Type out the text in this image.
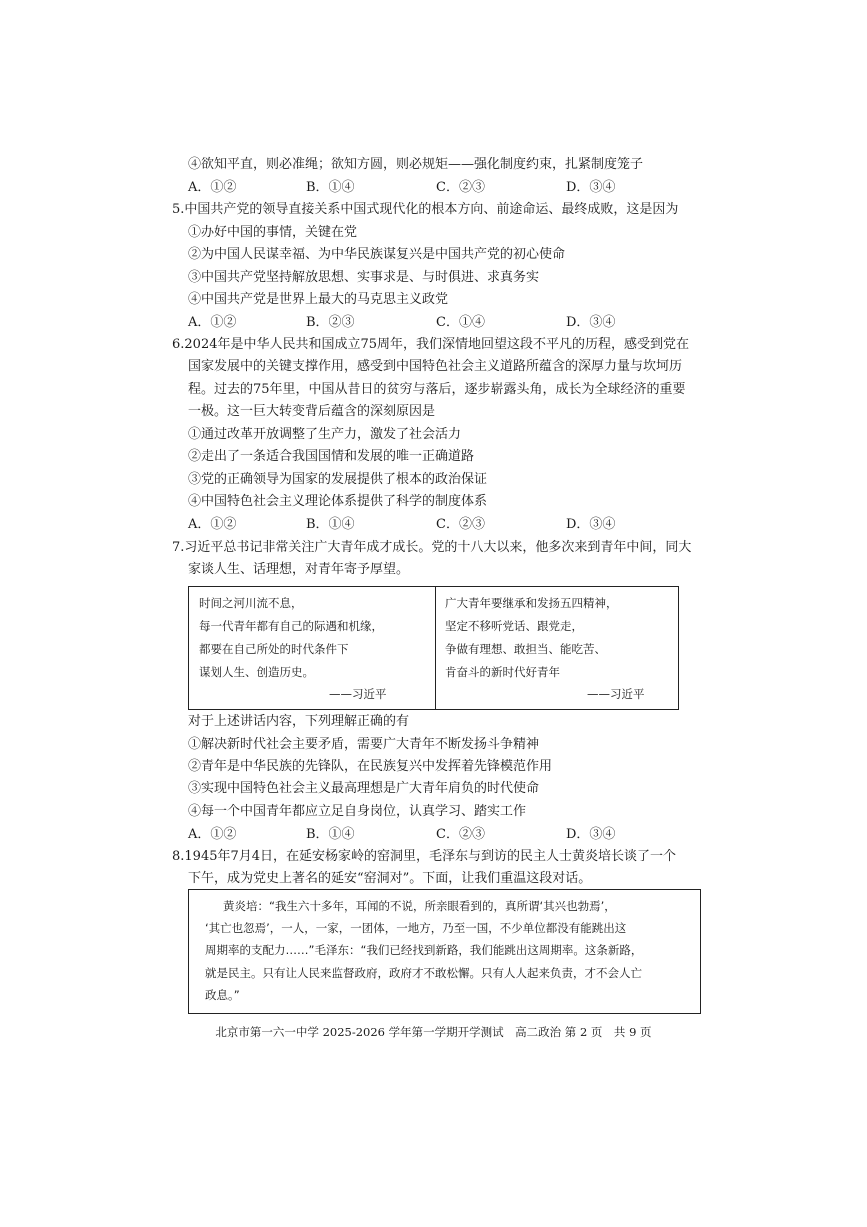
④欲知平直，则必准绳；欲知方圆，则必规矩——强化制度约束，扎紧制度笼子
A．①②	B．①④	C．②③	D．③④
5.中国共产党的领导直接关系中国式现代化的根本方向、前途命运、最终成败，这是因为
①办好中国的事情，关键在党
②为中国人民谋幸福、为中华民族谋复兴是中国共产党的初心使命
③中国共产党坚持解放思想、实事求是、与时俱进、求真务实
④中国共产党是世界上最大的马克思主义政党
A．①②	B．②③	C．①④	D．③④
6.2024年是中华人民共和国成立75周年，我们深情地回望这段不平凡的历程，感受到党在
国家发展中的关键支撑作用，感受到中国特色社会主义道路所蕴含的深厚力量与坎坷历
程。过去的75年里，中国从昔日的贫穷与落后，逐步崭露头角，成长为全球经济的重要
一极。这一巨大转变背后蕴含的深刻原因是
①通过改革开放调整了生产力，激发了社会活力
②走出了一条适合我国国情和发展的唯一正确道路
③党的正确领导为国家的发展提供了根本的政治保证
④中国特色社会主义理论体系提供了科学的制度体系
A．①②	B．①④	C．②③	D．③④
7.习近平总书记非常关注广大青年成才成长。党的十八大以来，他多次来到青年中间，同大
家谈人生、话理想，对青年寄予厚望。
时间之河川流不息，
每一代青年都有自己的际遇和机缘，
都要在自己所处的时代条件下
谋划人生、创造历史。
——习近平
广大青年要继承和发扬五四精神，
坚定不移听党话、跟党走，
争做有理想、敢担当、能吃苦、
肯奋斗的新时代好青年
——习近平
对于上述讲话内容，下列理解正确的有
①解决新时代社会主要矛盾，需要广大青年不断发扬斗争精神
②青年是中华民族的先锋队，在民族复兴中发挥着先锋模范作用
③实现中国特色社会主义最高理想是广大青年肩负的时代使命
④每一个中国青年都应立足自身岗位，认真学习、踏实工作
A．①②	B．①④	C．②③	D．③④
8.1945年7月4日，在延安杨家岭的窑洞里，毛泽东与到访的民主人士黄炎培长谈了一个
下午，成为党史上著名的延安“窑洞对”。下面，让我们重温这段对话。
黄炎培：“我生六十多年，耳闻的不说，所亲眼看到的，真所谓‘其兴也勃焉’，
‘其亡也忽焉’，一人，一家，一团体，一地方，乃至一国，不少单位都没有能跳出这
周期率的支配力……”毛泽东：“我们已经找到新路，我们能跳出这周期率。这条新路，
就是民主。只有让人民来监督政府，政府才不敢松懈。只有人人起来负责，才不会人亡
政息。”
北京市第一六一中学 2025-2026 学年第一学期开学测试　高二政治 第 2 页　共 9 页
